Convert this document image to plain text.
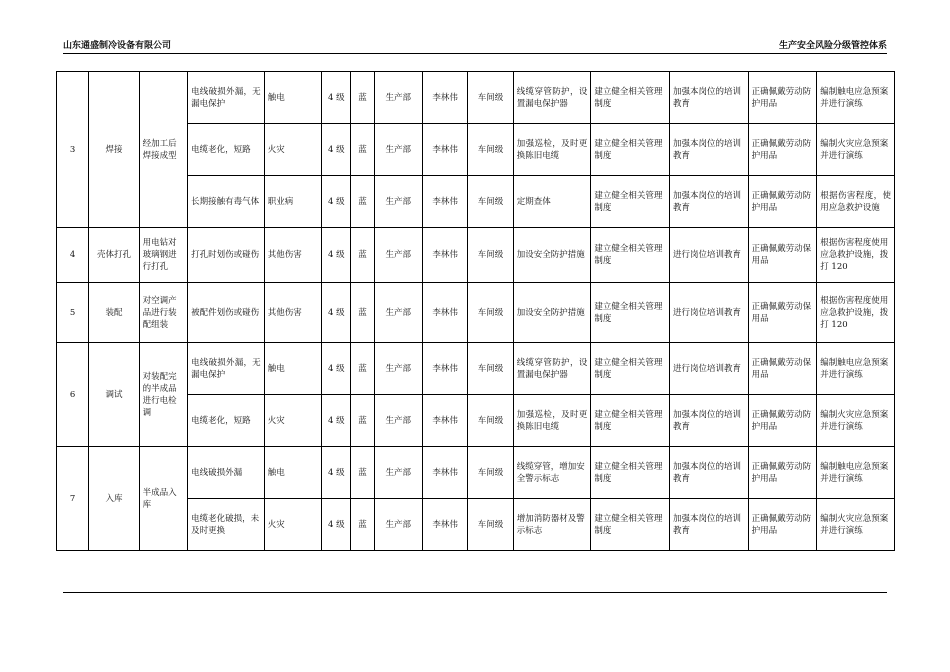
山东通盛制冷设备有限公司	生产安全风险分级管控体系
3	焊接	经加工后焊接成型	电线破损外漏，无漏电保护	触电	4 级	蓝	生产部	李林伟	车间级	线缆穿管防护，设置漏电保护器	建立健全相关管理制度	加强本岗位的培训教育	正确佩戴劳动防护用品	编制触电应急预案并进行演练
			电缆老化，短路	火灾	4 级	蓝	生产部	李林伟	车间级	加强巡检，及时更换陈旧电缆	建立健全相关管理制度	加强本岗位的培训教育	正确佩戴劳动防护用品	编制火灾应急预案并进行演练
			长期接触有毒气体	职业病	4 级	蓝	生产部	李林伟	车间级	定期查体	建立健全相关管理制度	加强本岗位的培训教育	正确佩戴劳动防护用品	根据伤害程度，使用应急救护设施
4	壳体打孔	用电钻对玻璃钢进行打孔	打孔时划伤或碰伤	其他伤害	4 级	蓝	生产部	李林伟	车间级	加设安全防护措施	建立健全相关管理制度	进行岗位培训教育	正确佩戴劳动保用品	根据伤害程度使用应急救护设施，拨打 120
5	装配	对空调产品进行装配组装	被配件划伤或碰伤	其他伤害	4 级	蓝	生产部	李林伟	车间级	加设安全防护措施	建立健全相关管理制度	进行岗位培训教育	正确佩戴劳动保用品	根据伤害程度使用应急救护设施，拨打 120
6	调试	对装配完的半成品进行电检调	电线破损外漏，无漏电保护	触电	4 级	蓝	生产部	李林伟	车间级	线缆穿管防护，设置漏电保护器	建立健全相关管理制度	进行岗位培训教育	正确佩戴劳动保用品	编制触电应急预案并进行演练
			电缆老化，短路	火灾	4 级	蓝	生产部	李林伟	车间级	加强巡检，及时更换陈旧电缆	建立健全相关管理制度	加强本岗位的培训教育	正确佩戴劳动防护用品	编制火灾应急预案并进行演练
7	入库	半成品入库	电线破损外漏	触电	4 级	蓝	生产部	李林伟	车间级	线缆穿管，增加安全警示标志	建立健全相关管理制度	加强本岗位的培训教育	正确佩戴劳动防护用品	编制触电应急预案并进行演练
			电缆老化破损，未及时更换	火灾	4 级	蓝	生产部	李林伟	车间级	增加消防器材及警示标志	建立健全相关管理制度	加强本岗位的培训教育	正确佩戴劳动防护用品	编制火灾应急预案并进行演练
